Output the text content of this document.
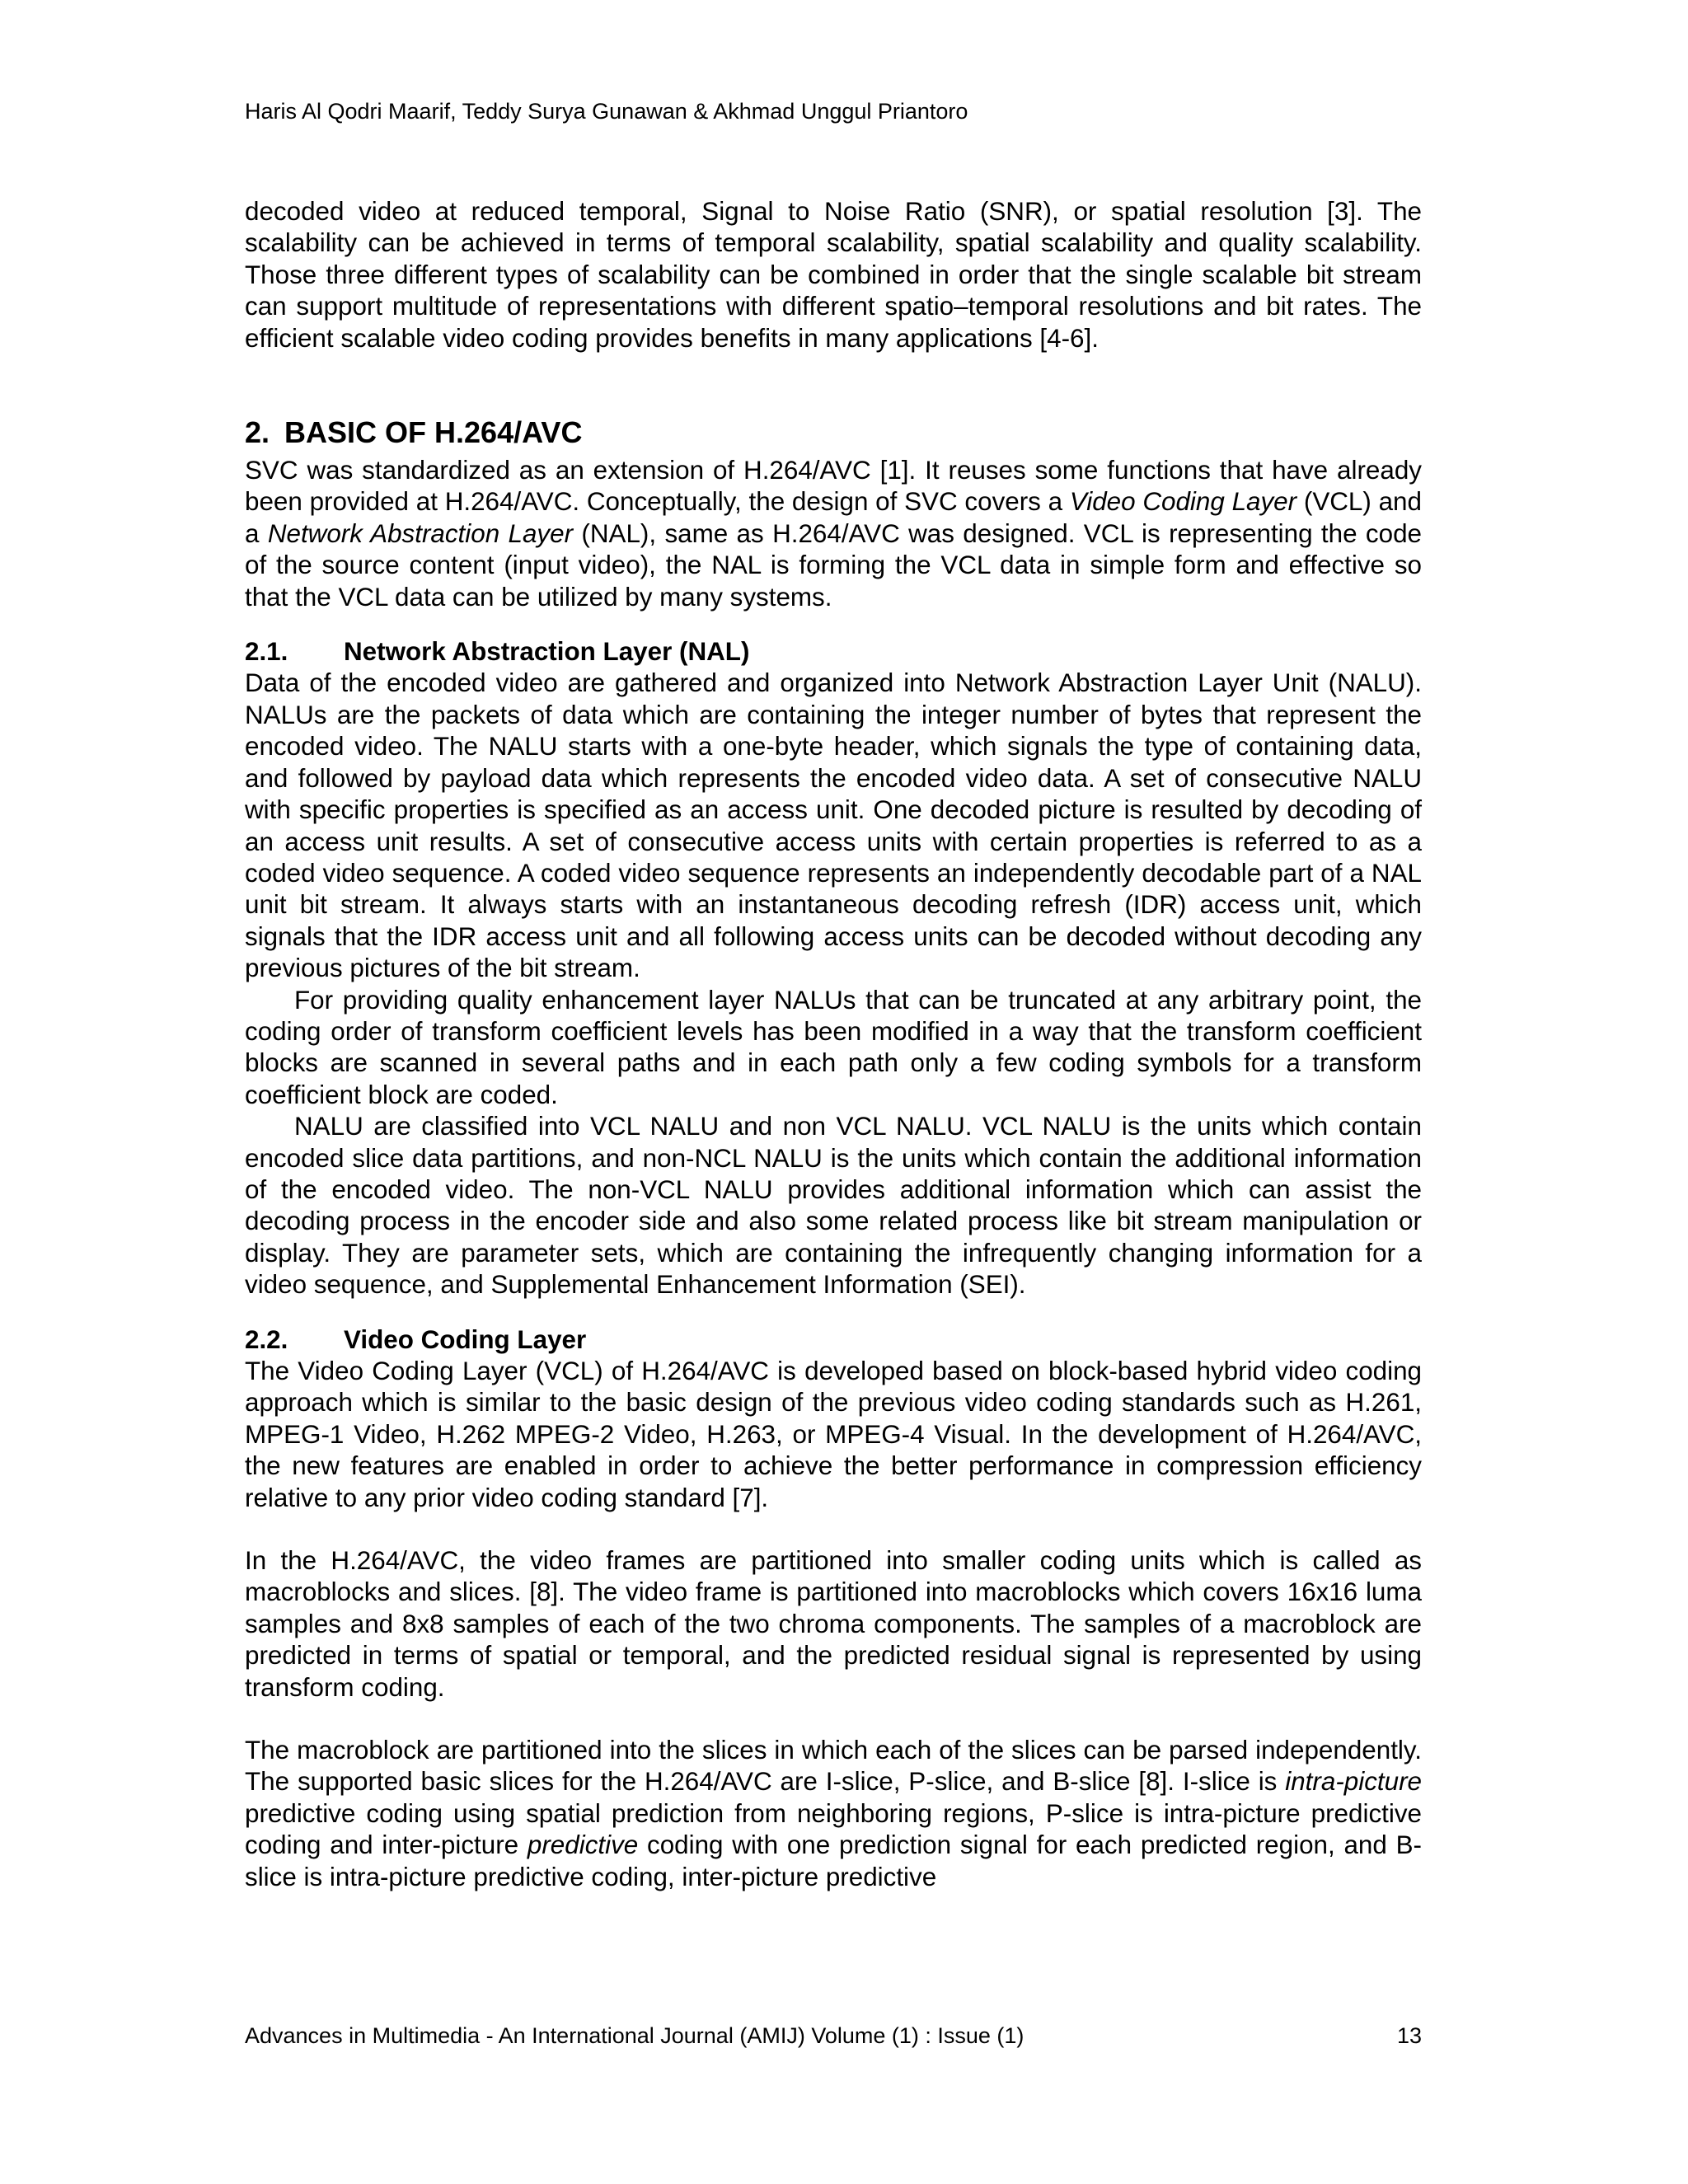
Haris Al Qodri Maarif, Teddy Surya Gunawan & Akhmad Unggul Priantoro

decoded video at reduced temporal, Signal to Noise Ratio (SNR), or spatial resolution [3]. The scalability can be achieved in terms of temporal scalability, spatial scalability and quality scalability. Those three different types of scalability can be combined in order that the single scalable bit stream can support multitude of representations with different spatio–temporal resolutions and bit rates. The efficient scalable video coding provides benefits in many applications [4-6].

2. BASIC OF H.264/AVC

SVC was standardized as an extension of H.264/AVC [1]. It reuses some functions that have already been provided at H.264/AVC. Conceptually, the design of SVC covers a Video Coding Layer (VCL) and a Network Abstraction Layer (NAL), same as H.264/AVC was designed. VCL is representing the code of the source content (input video), the NAL is forming the VCL data in simple form and effective so that the VCL data can be utilized by many systems.

2.1. Network Abstraction Layer (NAL)

Data of the encoded video are gathered and organized into Network Abstraction Layer Unit (NALU). NALUs are the packets of data which are containing the integer number of bytes that represent the encoded video. The NALU starts with a one-byte header, which signals the type of containing data, and followed by payload data which represents the encoded video data. A set of consecutive NALU with specific properties is specified as an access unit. One decoded picture is resulted by decoding of an access unit results. A set of consecutive access units with certain properties is referred to as a coded video sequence. A coded video sequence represents an independently decodable part of a NAL unit bit stream. It always starts with an instantaneous decoding refresh (IDR) access unit, which signals that the IDR access unit and all following access units can be decoded without decoding any previous pictures of the bit stream.

For providing quality enhancement layer NALUs that can be truncated at any arbitrary point, the coding order of transform coefficient levels has been modified in a way that the transform coefficient blocks are scanned in several paths and in each path only a few coding symbols for a transform coefficient block are coded.

NALU are classified into VCL NALU and non VCL NALU. VCL NALU is the units which contain encoded slice data partitions, and non-NCL NALU is the units which contain the additional information of the encoded video. The non-VCL NALU provides additional information which can assist the decoding process in the encoder side and also some related process like bit stream manipulation or display. They are parameter sets, which are containing the infrequently changing information for a video sequence, and Supplemental Enhancement Information (SEI).

2.2. Video Coding Layer

The Video Coding Layer (VCL) of H.264/AVC is developed based on block-based hybrid video coding approach which is similar to the basic design of the previous video coding standards such as H.261, MPEG-1 Video, H.262 MPEG-2 Video, H.263, or MPEG-4 Visual. In the development of H.264/AVC, the new features are enabled in order to achieve the better performance in compression efficiency relative to any prior video coding standard [7].

In the H.264/AVC, the video frames are partitioned into smaller coding units which is called as macroblocks and slices. [8]. The video frame is partitioned into macroblocks which covers 16x16 luma samples and 8x8 samples of each of the two chroma components. The samples of a macroblock are predicted in terms of spatial or temporal, and the predicted residual signal is represented by using transform coding.

The macroblock are partitioned into the slices in which each of the slices can be parsed independently. The supported basic slices for the H.264/AVC are I-slice, P-slice, and B-slice [8]. I-slice is intra-picture predictive coding using spatial prediction from neighboring regions, P-slice is intra-picture predictive coding and inter-picture predictive coding with one prediction signal for each predicted region, and B-slice is intra-picture predictive coding, inter-picture predictive

Advances in Multimedia - An International Journal (AMIJ) Volume (1) : Issue (1)	13
